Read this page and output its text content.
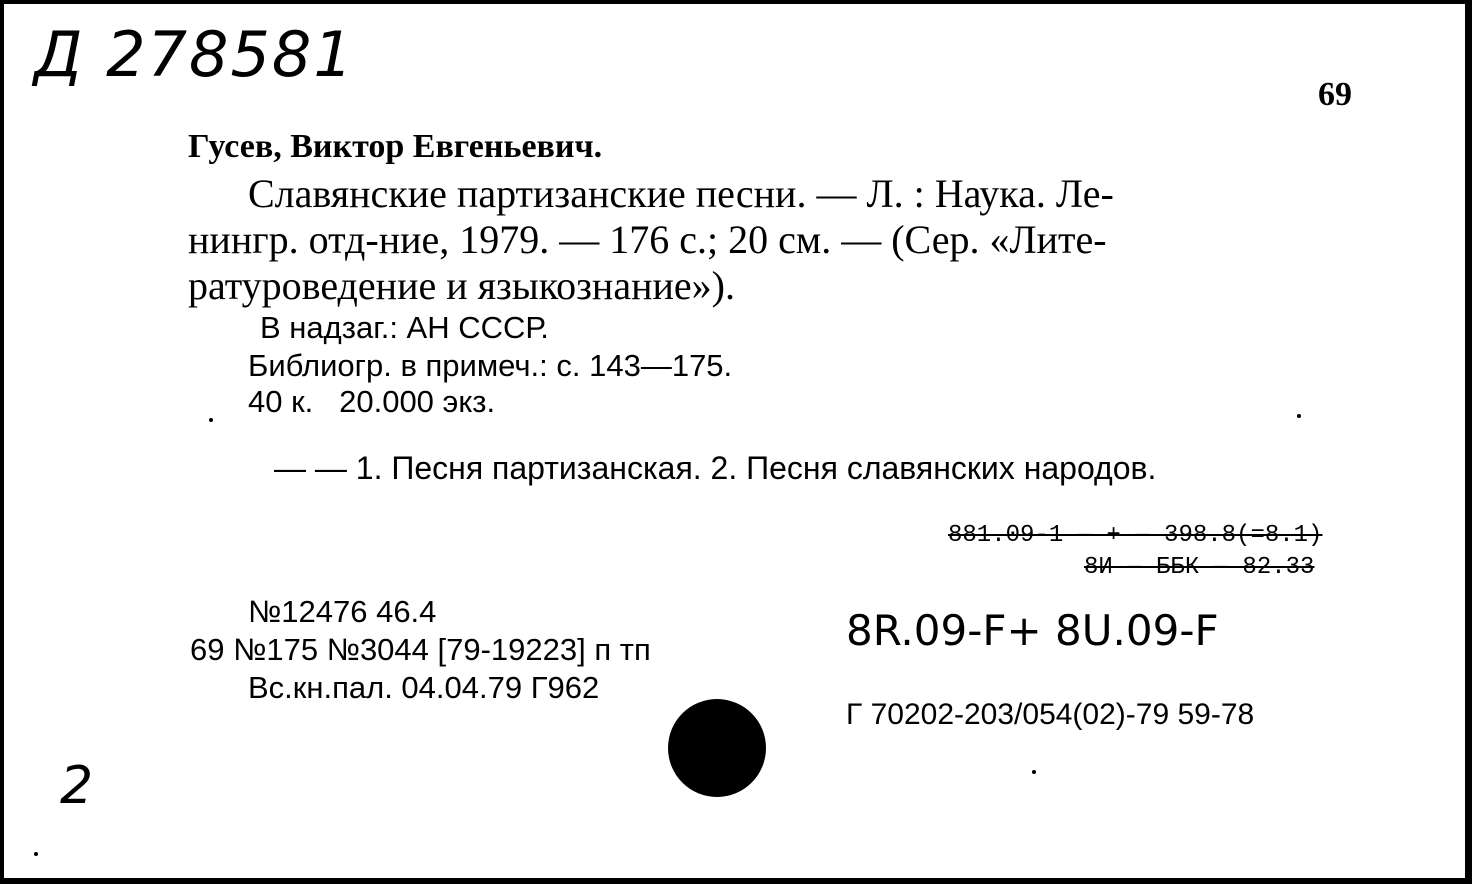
Д 278581
69
Гусев, Виктор Евгеньевич.
Славянские партизанские песни. — Л. : Наука. Ле-
нингр. отд-ние, 1979. — 176 с.; 20 см. — (Сер. «Лите-
ратуроведение и языкознание»).
В надзаг.: АН СССР.
Библиогр. в примеч.: с. 143—175.
40 к.   20.000 экз.
— — 1. Песня партизанская. 2. Песня славянских народов.
881.09-1 — + — 398.8(=8.1)
8И — ББК — 82.33
8R.09-F+ 8U.09-F
№12476 46.4
69 №175 №3044 [79-19223] п тп
Вс.кн.пал. 04.04.79 Г962
Г 70202-203/054(02)-79 59-78
2
